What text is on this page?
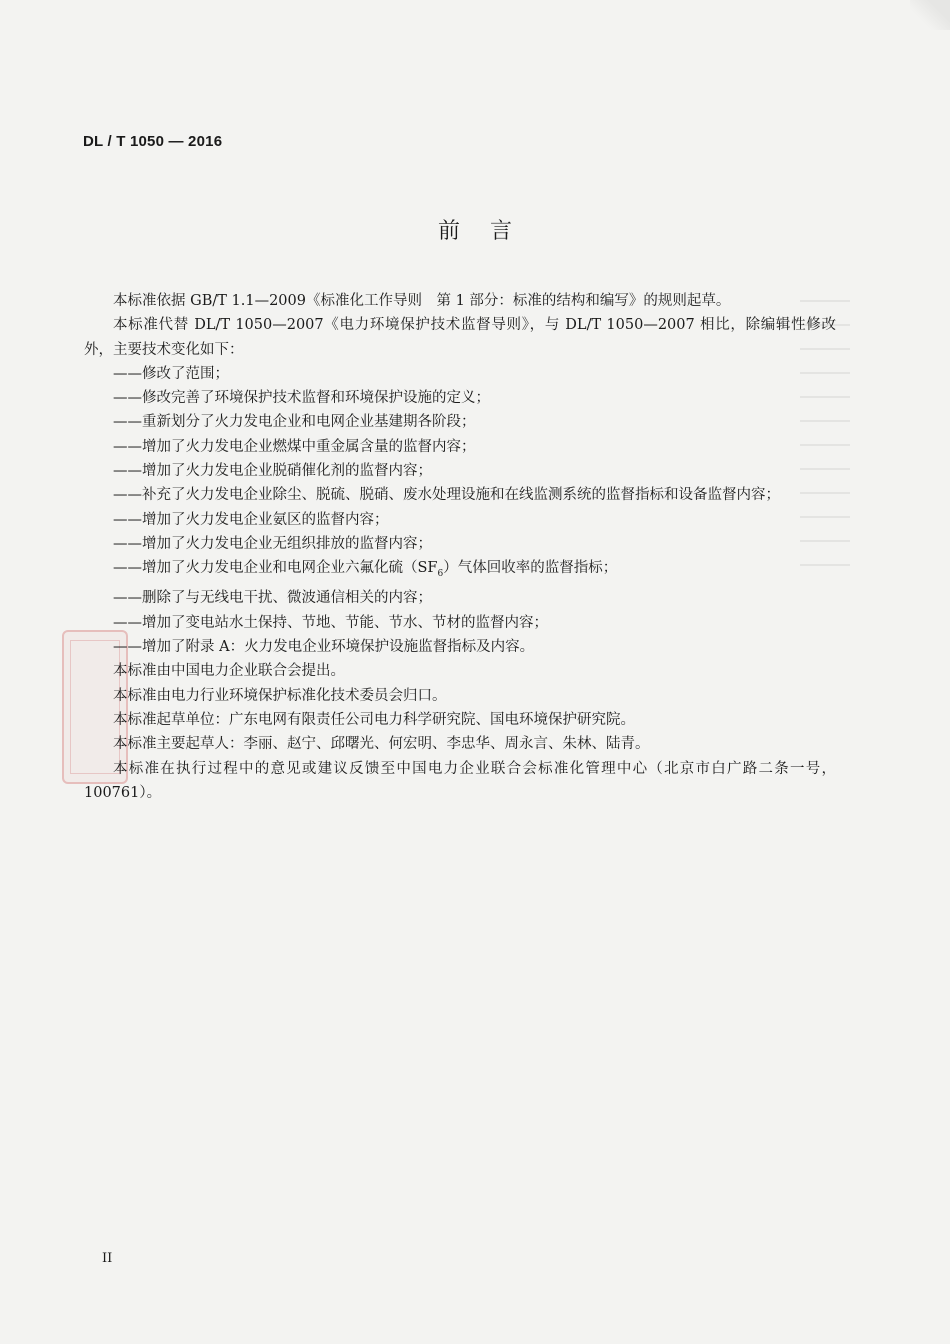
DL / T 1050 — 2016
前言

本标准依据 GB/T 1.1—2009《标准化工作导则　第 1 部分：标准的结构和编写》的规则起草。

本标准代替 DL/T 1050—2007《电力环境保护技术监督导则》，与 DL/T 1050—2007 相比，除编辑性修改外，主要技术变化如下：

——修改了范围；

——修改完善了环境保护技术监督和环境保护设施的定义；

——重新划分了火力发电企业和电网企业基建期各阶段；

——增加了火力发电企业燃煤中重金属含量的监督内容；

——增加了火力发电企业脱硝催化剂的监督内容；

——补充了火力发电企业除尘、脱硫、脱硝、废水处理设施和在线监测系统的监督指标和设备监督内容；

——增加了火力发电企业氨区的监督内容；

——增加了火力发电企业无组织排放的监督内容；

——增加了火力发电企业和电网企业六氟化硫$(SF_6)$气体回收率的监督指标；

——删除了与无线电干扰、微波通信相关的内容；

——增加了变电站水土保持、节地、节能、节水、节材的监督内容；

——增加了附录 A：火力发电企业环境保护设施监督指标及内容。

本标准由中国电力企业联合会提出。

本标准由电力行业环境保护标准化技术委员会归口。

本标准起草单位：广东电网有限责任公司电力科学研究院、国电环境保护研究院。

本标准主要起草人：李丽、赵宁、邱曙光、何宏明、李忠华、周永言、朱林、陆青。

本标准在执行过程中的意见或建议反馈至中国电力企业联合会标准化管理中心（北京市白广路二条一号，100761）。

II
